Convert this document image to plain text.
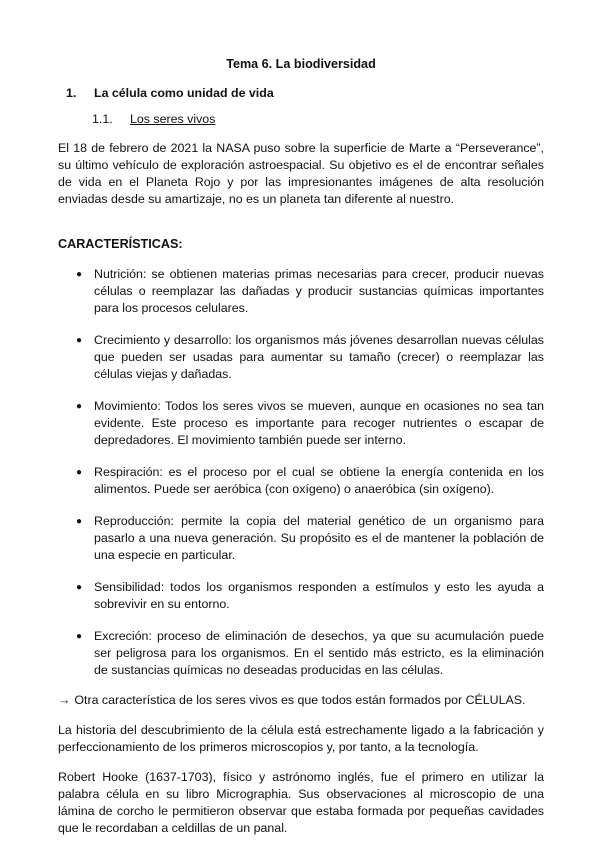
Tema 6. La biodiversidad
1.	La célula como unidad de vida
1.1.	Los seres vivos

El 18 de febrero de 2021 la NASA puso sobre la superficie de Marte a “Perseverance”, su último vehículo de exploración astroespacial. Su objetivo es el de encontrar señales de vida en el Planeta Rojo y por las impresionantes imágenes de alta resolución enviadas desde su amartizaje, no es un planeta tan diferente al nuestro.

CARACTERÍSTICAS:
● Nutrición: se obtienen materias primas necesarias para crecer, producir nuevas células o reemplazar las dañadas y producir sustancias químicas importantes para los procesos celulares.
● Crecimiento y desarrollo: los organismos más jóvenes desarrollan nuevas células que pueden ser usadas para aumentar su tamaño (crecer) o reemplazar las células viejas y dañadas.
● Movimiento: Todos los seres vivos se mueven, aunque en ocasiones no sea tan evidente. Este proceso es importante para recoger nutrientes o escapar de depredadores. El movimiento también puede ser interno.
● Respiración: es el proceso por el cual se obtiene la energía contenida en los alimentos. Puede ser aeróbica (con oxígeno) o anaeróbica (sin oxígeno).
● Reproducción: permite la copia del material genético de un organismo para pasarlo a una nueva generación. Su propósito es el de mantener la población de una especie en particular.
● Sensibilidad: todos los organismos responden a estímulos y esto les ayuda a sobrevivir en su entorno.
● Excreción: proceso de eliminación de desechos, ya que su acumulación puede ser peligrosa para los organismos. En el sentido más estricto, es la eliminación de sustancias químicas no deseadas producidas en las células.
→ Otra característica de los seres vivos es que todos están formados por CÉLULAS.

La historia del descubrimiento de la célula está estrechamente ligado a la fabricación y perfeccionamiento de los primeros microscopios y, por tanto, a la tecnología.

Robert Hooke (1637-1703), físico y astrónomo inglés, fue el primero en utilizar la palabra célula en su libro Micrographia. Sus observaciones al microscopio de una lámina de corcho le permitieron observar que estaba formada por pequeñas cavidades que le recordaban a celdillas de un panal.
